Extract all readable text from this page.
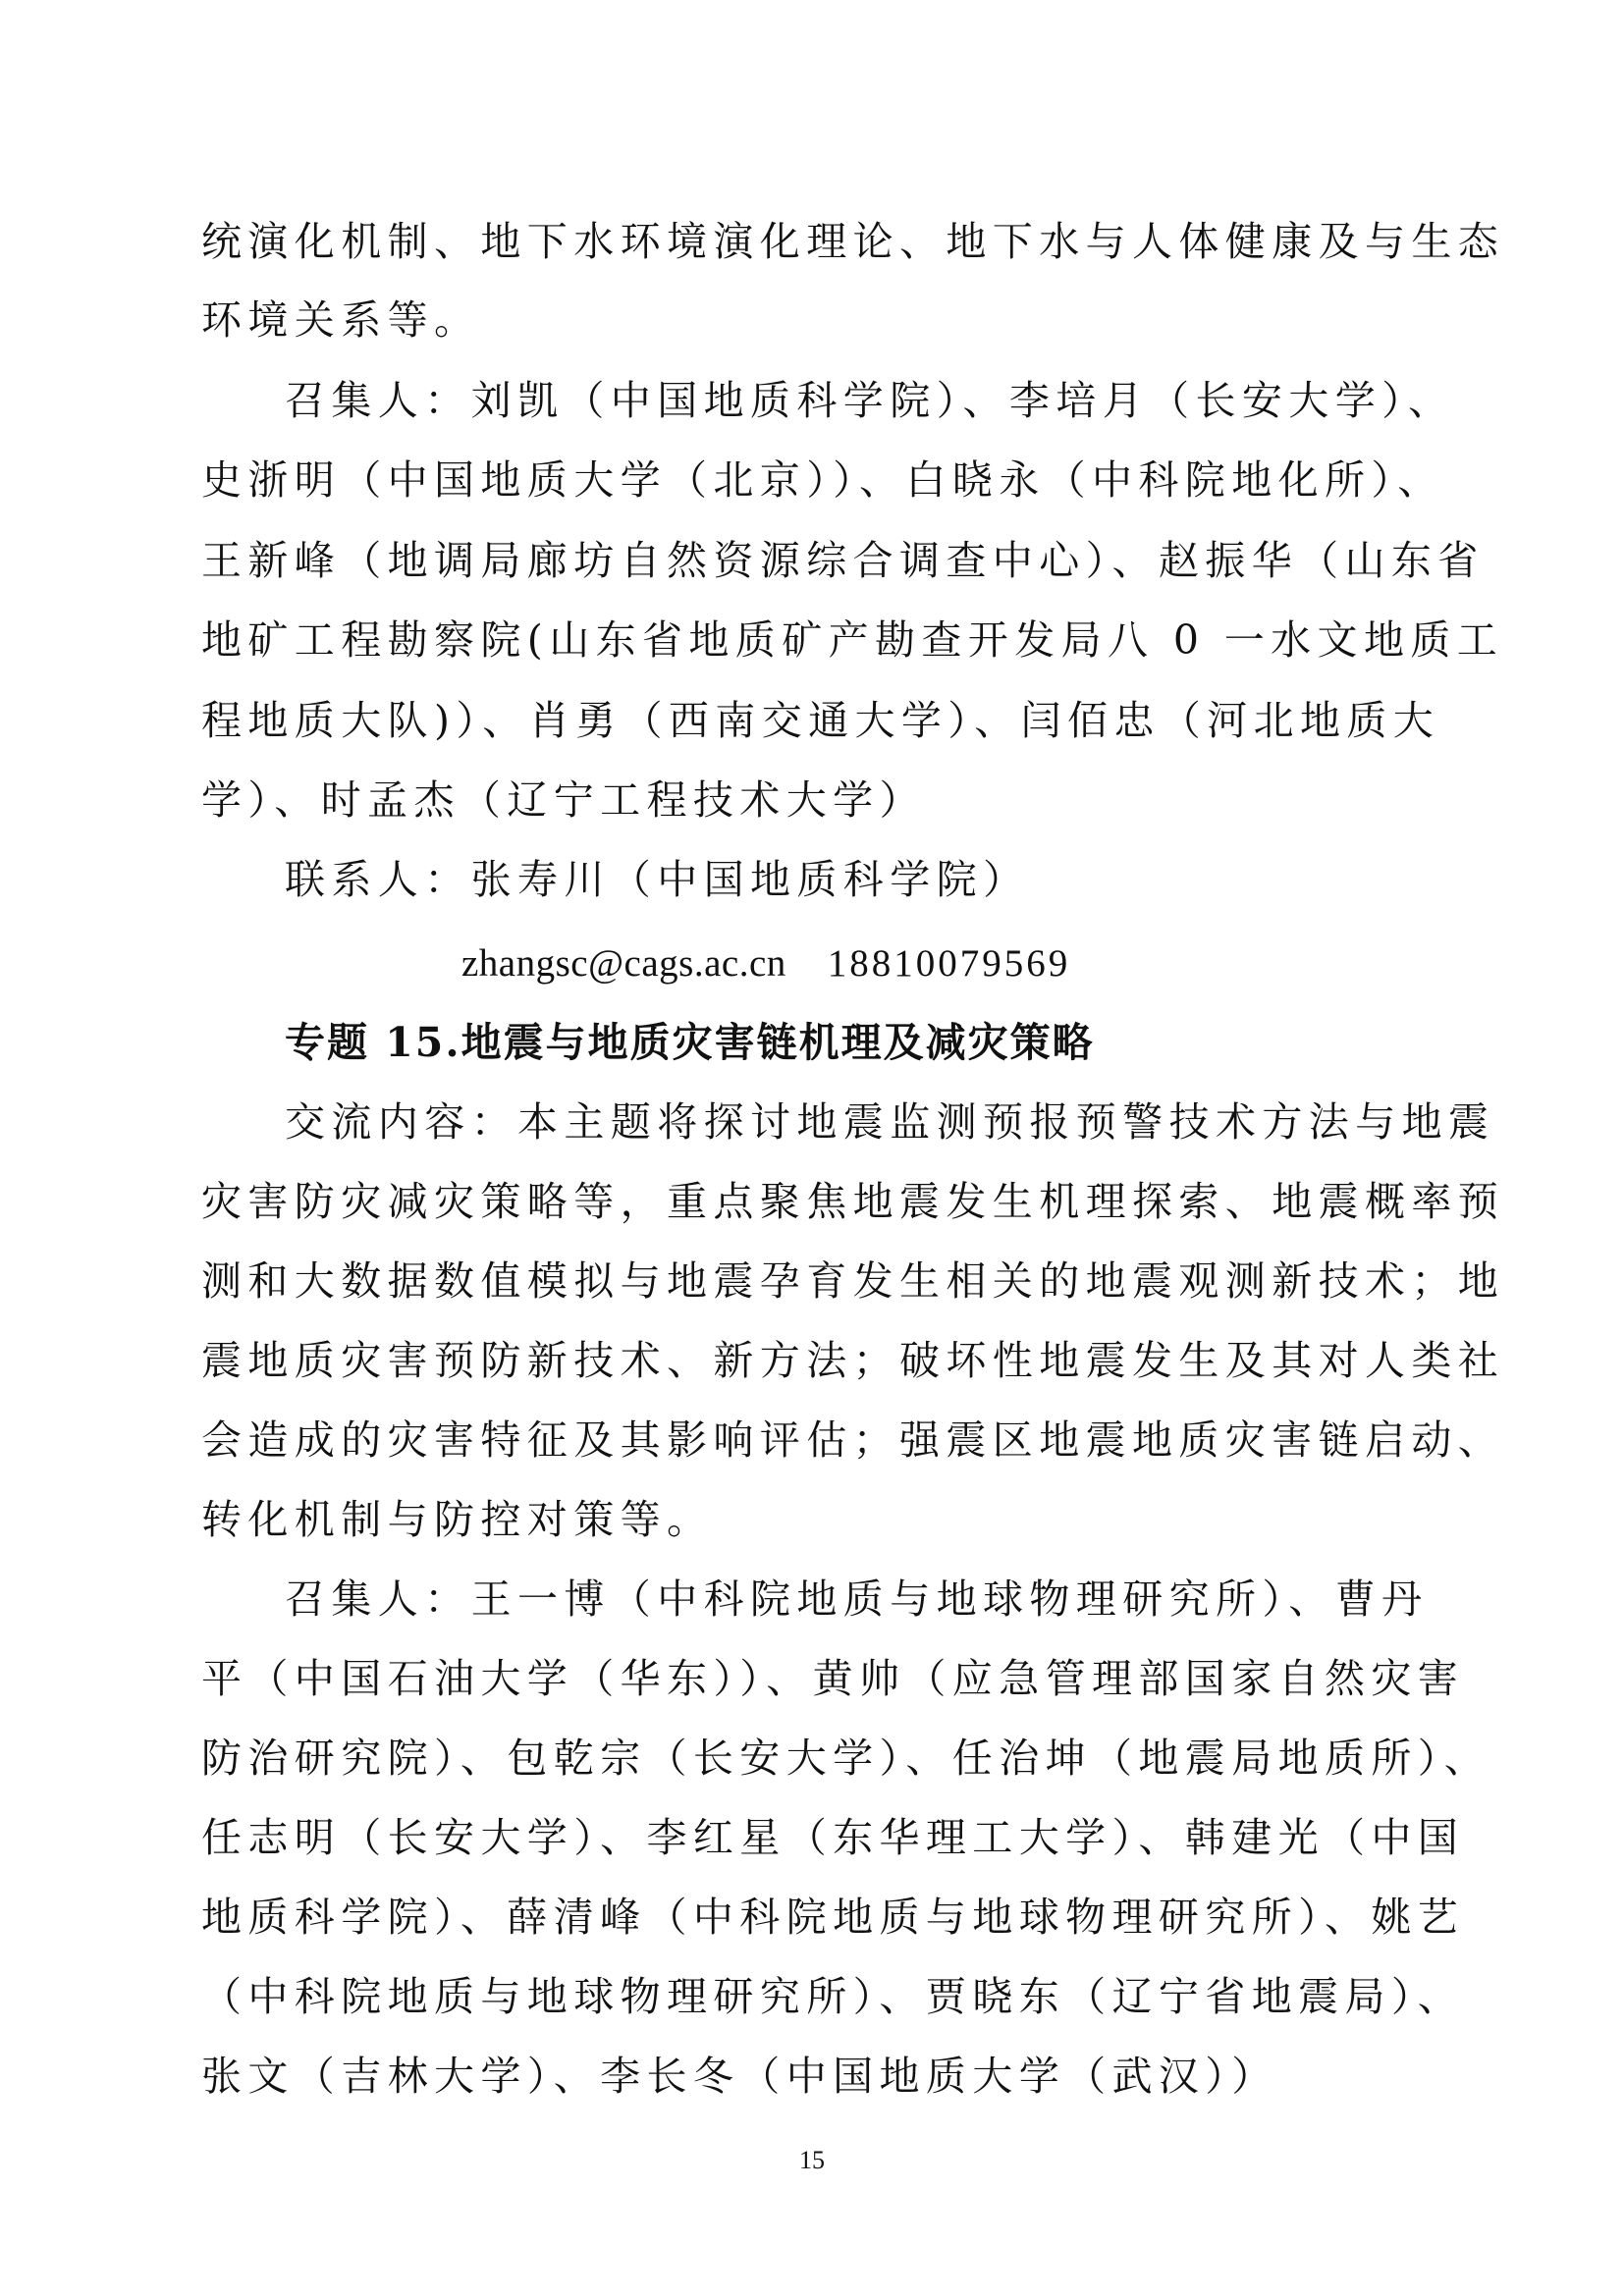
统演化机制、地下水环境演化理论、地下水与人体健康及与生态
环境关系等。
召集人：刘凯（中国地质科学院）、李培月（长安大学）、
史浙明（中国地质大学（北京））、白晓永（中科院地化所）、
王新峰（地调局廊坊自然资源综合调查中心）、赵振华（山东省
地矿工程勘察院(山东省地质矿产勘查开发局八 0 一水文地质工
程地质大队)）、肖勇（西南交通大学）、闫佰忠（河北地质大
学）、时孟杰（辽宁工程技术大学）
联系人：张寿川（中国地质科学院）
zhangsc@cags.ac.cn 18810079569
专题 15.地震与地质灾害链机理及减灾策略
交流内容：本主题将探讨地震监测预报预警技术方法与地震
灾害防灾减灾策略等，重点聚焦地震发生机理探索、地震概率预
测和大数据数值模拟与地震孕育发生相关的地震观测新技术；地
震地质灾害预防新技术、新方法；破坏性地震发生及其对人类社
会造成的灾害特征及其影响评估；强震区地震地质灾害链启动、
转化机制与防控对策等。
召集人：王一博（中科院地质与地球物理研究所）、曹丹
平（中国石油大学（华东））、黄帅（应急管理部国家自然灾害
防治研究院）、包乾宗（长安大学）、任治坤（地震局地质所）、
任志明（长安大学）、李红星（东华理工大学）、韩建光（中国
地质科学院）、薛清峰（中科院地质与地球物理研究所）、姚艺
（中科院地质与地球物理研究所）、贾晓东（辽宁省地震局）、
张文（吉林大学）、李长冬（中国地质大学（武汉））
15
